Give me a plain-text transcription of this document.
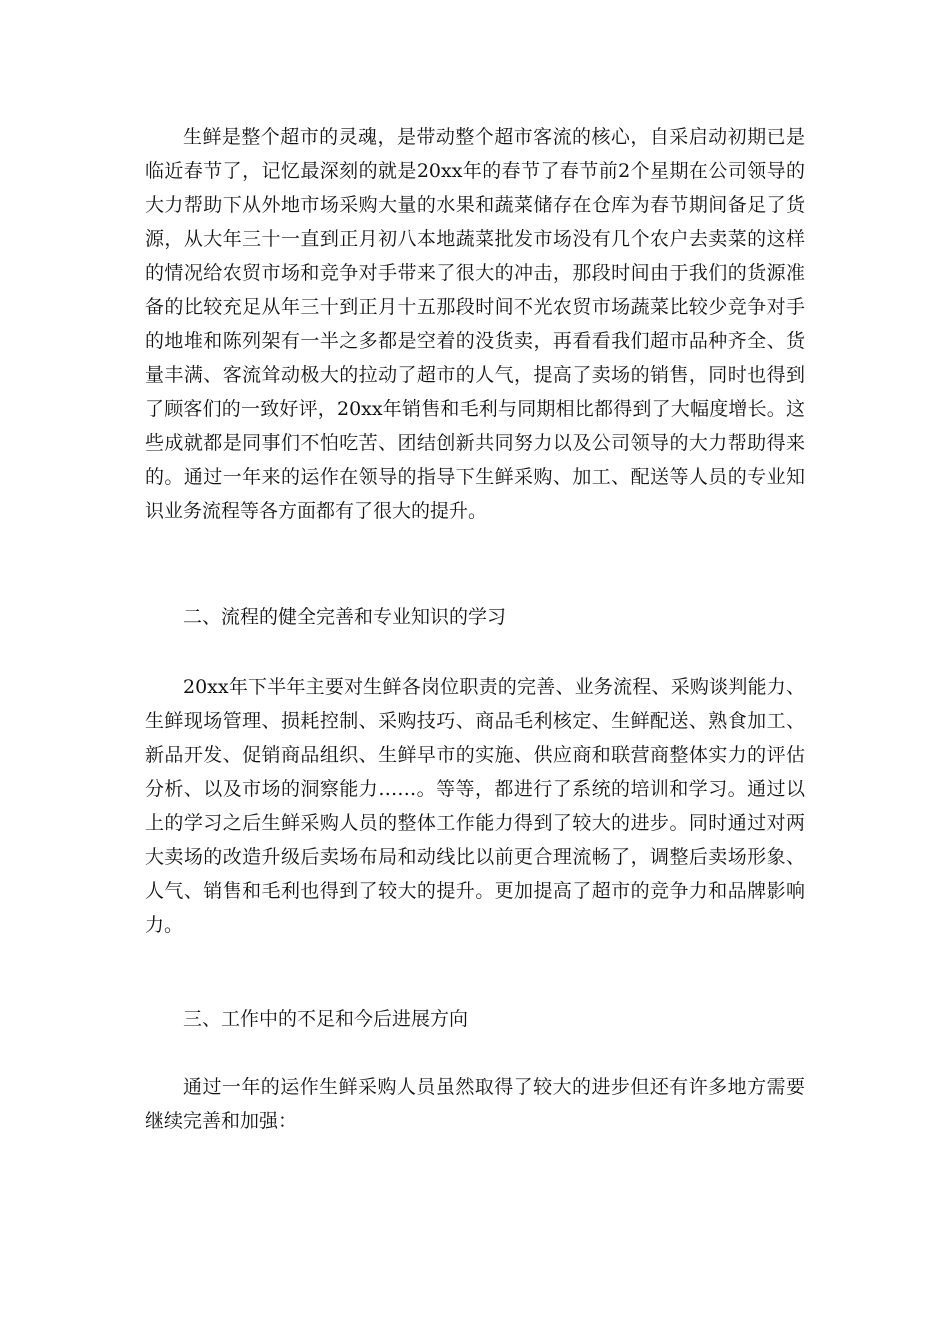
生鲜是整个超市的灵魂，是带动整个超市客流的核心，自采启动初期已是临近春节了，记忆最深刻的就是20xx年的春节了春节前2个星期在公司领导的大力帮助下从外地市场采购大量的水果和蔬菜储存在仓库为春节期间备足了货源，从大年三十一直到正月初八本地蔬菜批发市场没有几个农户去卖菜的这样的情况给农贸市场和竞争对手带来了很大的冲击，那段时间由于我们的货源准备的比较充足从年三十到正月十五那段时间不光农贸市场蔬菜比较少竞争对手的地堆和陈列架有一半之多都是空着的没货卖，再看看我们超市品种齐全、货量丰满、客流耸动极大的拉动了超市的人气，提高了卖场的销售，同时也得到了顾客们的一致好评，20xx年销售和毛利与同期相比都得到了大幅度增长。这些成就都是同事们不怕吃苦、团结创新共同努力以及公司领导的大力帮助得来的。通过一年来的运作在领导的指导下生鲜采购、加工、配送等人员的专业知识业务流程等各方面都有了很大的提升。

二、流程的健全完善和专业知识的学习

20xx年下半年主要对生鲜各岗位职责的完善、业务流程、采购谈判能力、生鲜现场管理、损耗控制、采购技巧、商品毛利核定、生鲜配送、熟食加工、新品开发、促销商品组织、生鲜早市的实施、供应商和联营商整体实力的评估分析、以及市场的洞察能力……。等等，都进行了系统的培训和学习。通过以上的学习之后生鲜采购人员的整体工作能力得到了较大的进步。同时通过对两大卖场的改造升级后卖场布局和动线比以前更合理流畅了，调整后卖场形象、人气、销售和毛利也得到了较大的提升。更加提高了超市的竞争力和品牌影响力。

三、工作中的不足和今后进展方向

通过一年的运作生鲜采购人员虽然取得了较大的进步但还有许多地方需要继续完善和加强：
